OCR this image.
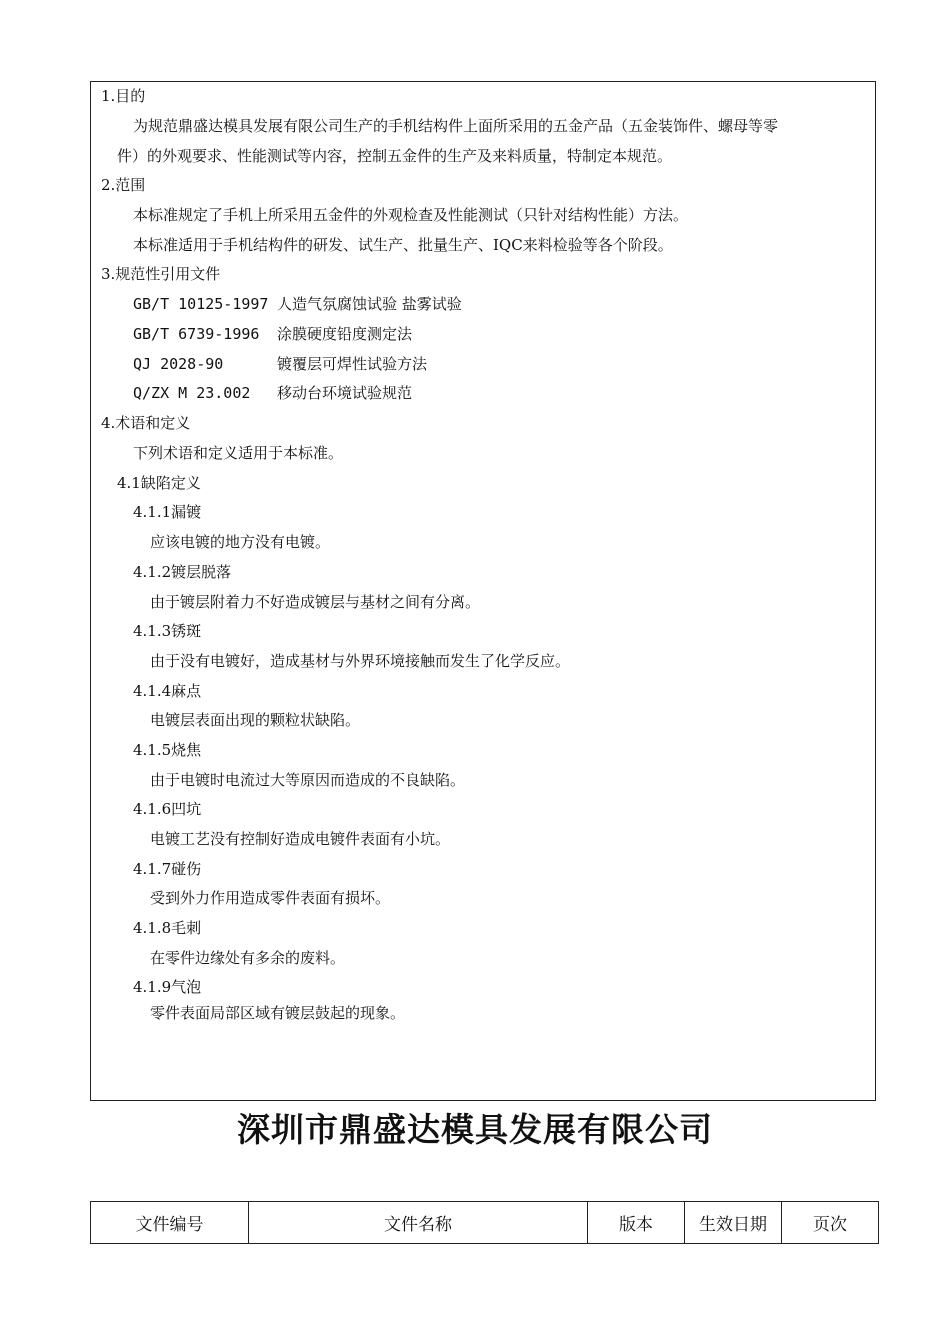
1.目的
为规范鼎盛达模具发展有限公司生产的手机结构件上面所采用的五金产品（五金装饰件、螺母等零
件）的外观要求、性能测试等内容，控制五金件的生产及来料质量，特制定本规范。
2.范围
本标准规定了手机上所采用五金件的外观检查及性能测试（只针对结构性能）方法。
本标准适用于手机结构件的研发、试生产、批量生产、IQC来料检验等各个阶段。
3.规范性引用文件
GB/T 10125-1997 人造气氛腐蚀试验 盐雾试验
GB/T 6739-1996 涂膜硬度铅度测定法
QJ 2028-90	镀覆层可焊性试验方法
Q/ZX M 23.002 移动台环境试验规范
4.术语和定义
下列术语和定义适用于本标准。
4.1缺陷定义
4.1.1漏镀
应该电镀的地方没有电镀。
4.1.2镀层脱落
由于镀层附着力不好造成镀层与基材之间有分离。
4.1.3锈斑
由于没有电镀好，造成基材与外界环境接触而发生了化学反应。
4.1.4麻点
电镀层表面出现的颗粒状缺陷。
4.1.5烧焦
由于电镀时电流过大等原因而造成的不良缺陷。
4.1.6凹坑
电镀工艺没有控制好造成电镀件表面有小坑。
4.1.7碰伤
受到外力作用造成零件表面有损坏。
4.1.8毛刺
在零件边缘处有多余的废料。
4.1.9气泡
零件表面局部区域有镀层鼓起的现象。
深圳市鼎盛达模具发展有限公司
文件编号	文件名称	版本	生效日期	页次
